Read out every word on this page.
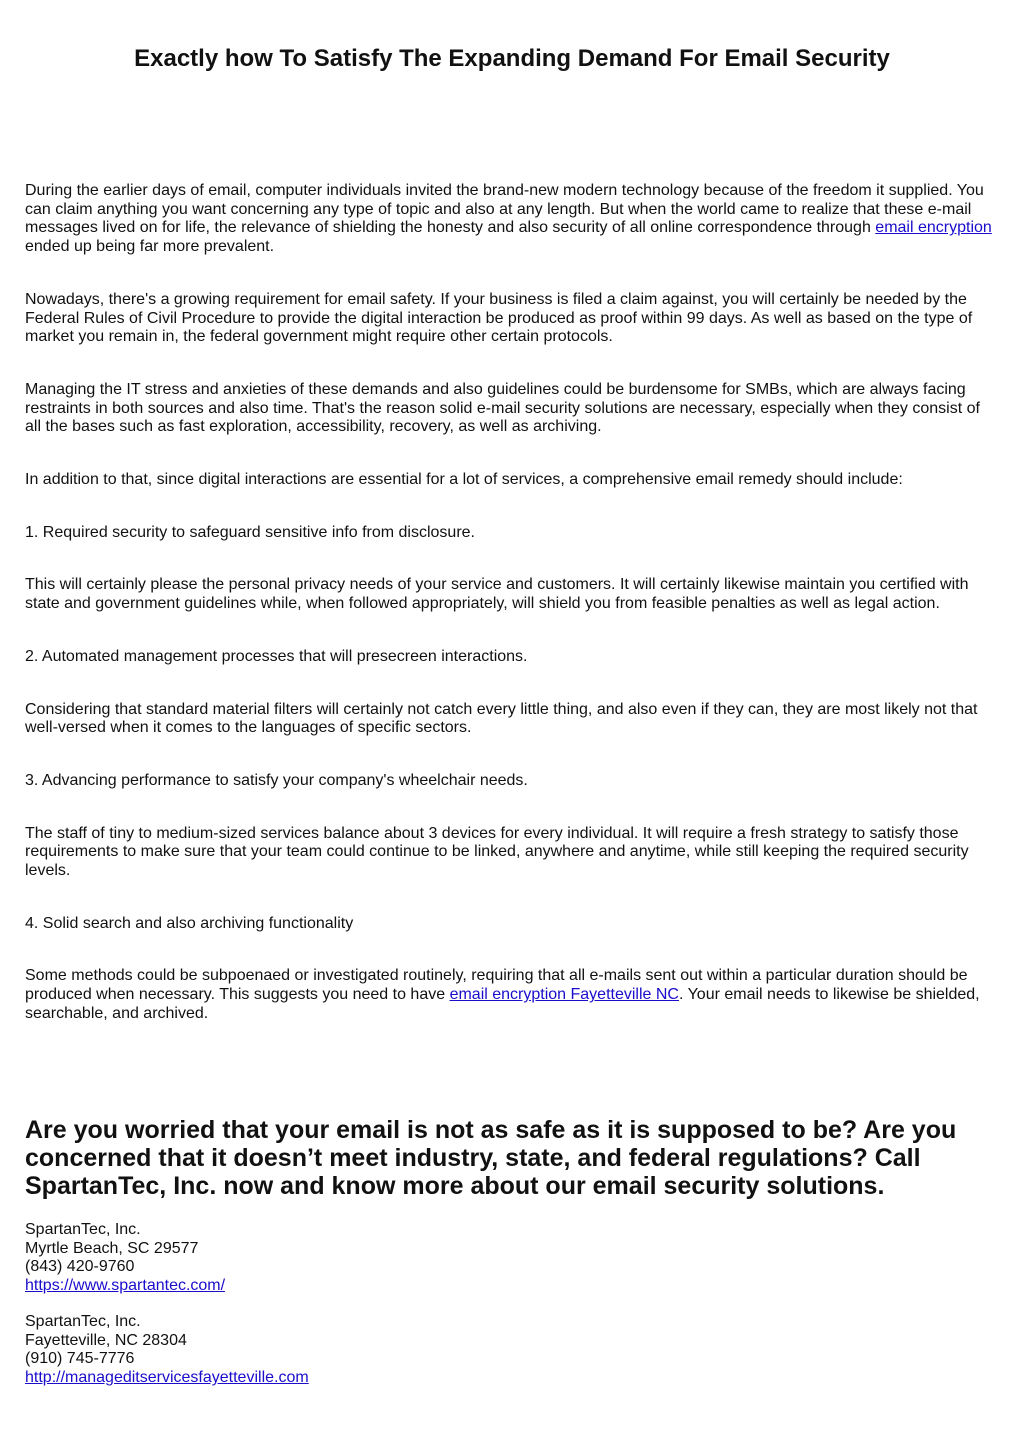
Exactly how To Satisfy The Expanding Demand For Email Security

During the earlier days of email, computer individuals invited the brand-new modern technology because of the freedom it supplied. You can claim anything you want concerning any type of topic and also at any length. But when the world came to realize that these e-mail messages lived on for life, the relevance of shielding the honesty and also security of all online correspondence through email encryption ended up being far more prevalent.

Nowadays, there's a growing requirement for email safety. If your business is filed a claim against, you will certainly be needed by the Federal Rules of Civil Procedure to provide the digital interaction be produced as proof within 99 days. As well as based on the type of market you remain in, the federal government might require other certain protocols.

Managing the IT stress and anxieties of these demands and also guidelines could be burdensome for SMBs, which are always facing restraints in both sources and also time. That's the reason solid e-mail security solutions are necessary, especially when they consist of all the bases such as fast exploration, accessibility, recovery, as well as archiving.

In addition to that, since digital interactions are essential for a lot of services, a comprehensive email remedy should include:

1. Required security to safeguard sensitive info from disclosure.

This will certainly please the personal privacy needs of your service and customers. It will certainly likewise maintain you certified with state and government guidelines while, when followed appropriately, will shield you from feasible penalties as well as legal action.

2. Automated management processes that will presecreen interactions.

Considering that standard material filters will certainly not catch every little thing, and also even if they can, they are most likely not that well-versed when it comes to the languages of specific sectors.

3. Advancing performance to satisfy your company's wheelchair needs.

The staff of tiny to medium-sized services balance about 3 devices for every individual. It will require a fresh strategy to satisfy those requirements to make sure that your team could continue to be linked, anywhere and anytime, while still keeping the required security levels.

4. Solid search and also archiving functionality

Some methods could be subpoenaed or investigated routinely, requiring that all e-mails sent out within a particular duration should be produced when necessary. This suggests you need to have email encryption Fayetteville NC. Your email needs to likewise be shielded, searchable, and archived.

Are you worried that your email is not as safe as it is supposed to be? Are you concerned that it doesn’t meet industry, state, and federal regulations? Call SpartanTec, Inc. now and know more about our email security solutions.
SpartanTec, Inc.
Myrtle Beach, SC 29577
(843) 420-9760
https://www.spartantec.com/
SpartanTec, Inc.
Fayetteville, NC 28304
(910) 745-7776
http://manageditservicesfayetteville.com
